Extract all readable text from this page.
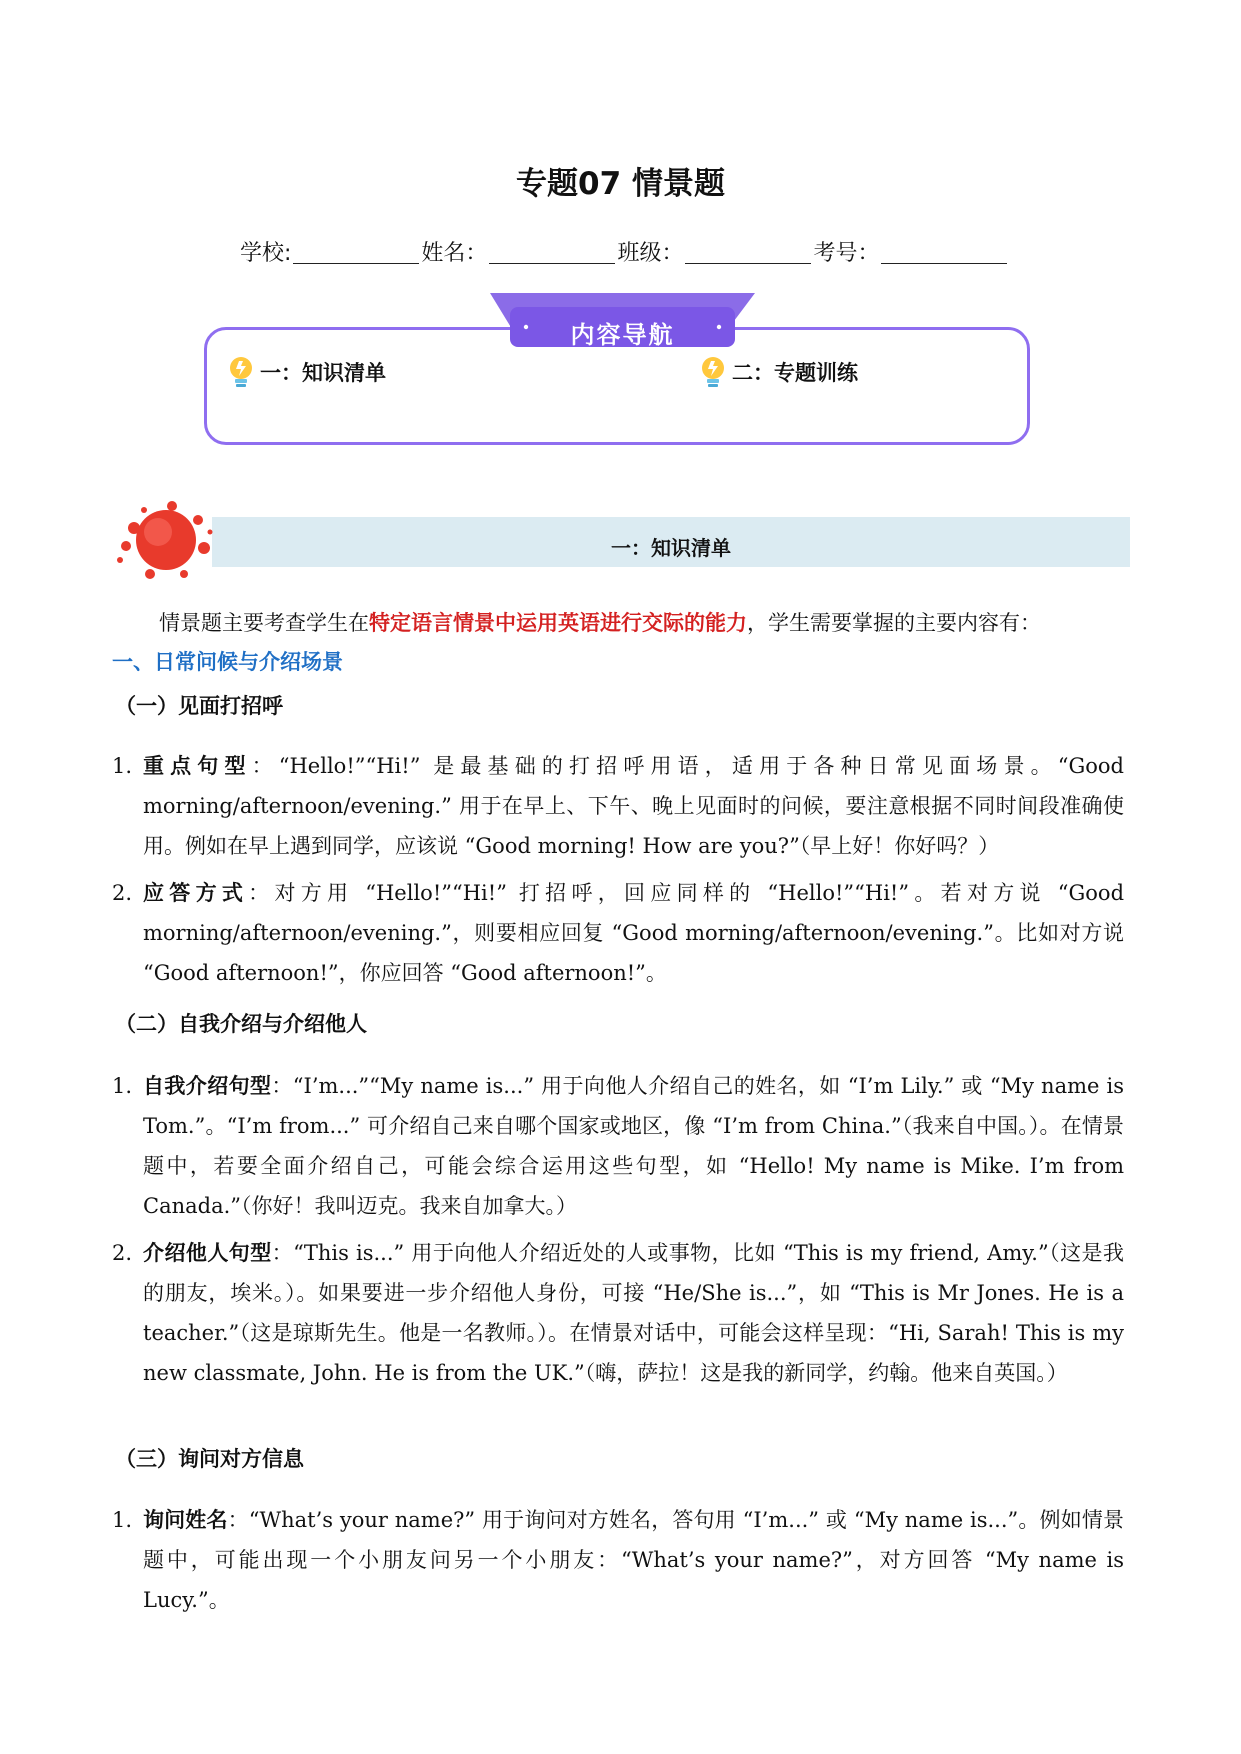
专题07 情景题
学校:	姓名：	班级：	考号：
内容导航
一：知识清单	二：专题训练
一：知识清单
情景题主要考查学生在特定语言情景中运用英语进行交际的能力，学生需要掌握的主要内容有：
一、日常问候与介绍场景
（一）见面打招呼
1. 重点句型：“Hello!”“Hi!” 是最基础的打招呼用语，适用于各种日常见面场景。“Good morning/afternoon/evening.” 用于在早上、下午、晚上见面时的问候，要注意根据不同时间段准确使用。例如在早上遇到同学，应该说 “Good morning! How are you?”（早上好！你好吗？）
2. 应答方式：对方用 “Hello!”“Hi!” 打招呼，回应同样的 “Hello!”“Hi!”。若对方说 “Good morning/afternoon/evening.”，则要相应回复 “Good morning/afternoon/evening.”。比如对方说 “Good afternoon!”，你应回答 “Good afternoon!”。
（二）自我介绍与介绍他人
1. 自我介绍句型：“I’m...”“My name is...” 用于向他人介绍自己的姓名，如 “I’m Lily.” 或 “My name is Tom.”。“I’m from...” 可介绍自己来自哪个国家或地区，像 “I’m from China.”（我来自中国。）。在情景题中，若要全面介绍自己，可能会综合运用这些句型，如 “Hello! My name is Mike. I’m from Canada.”（你好！我叫迈克。我来自加拿大。）
2. 介绍他人句型：“This is...” 用于向他人介绍近处的人或事物，比如 “This is my friend, Amy.”（这是我的朋友，埃米。）。如果要进一步介绍他人身份，可接 “He/She is...”，如 “This is Mr Jones. He is a teacher.”（这是琼斯先生。他是一名教师。）。在情景对话中，可能会这样呈现：“Hi, Sarah! This is my new classmate, John. He is from the UK.”（嗨，萨拉！这是我的新同学，约翰。他来自英国。）
（三）询问对方信息
1. 询问姓名：“What’s your name?” 用于询问对方姓名，答句用 “I’m...” 或 “My name is...”。例如情景题中，可能出现一个小朋友问另一个小朋友：“What’s your name?”，对方回答 “My name is Lucy.”。
